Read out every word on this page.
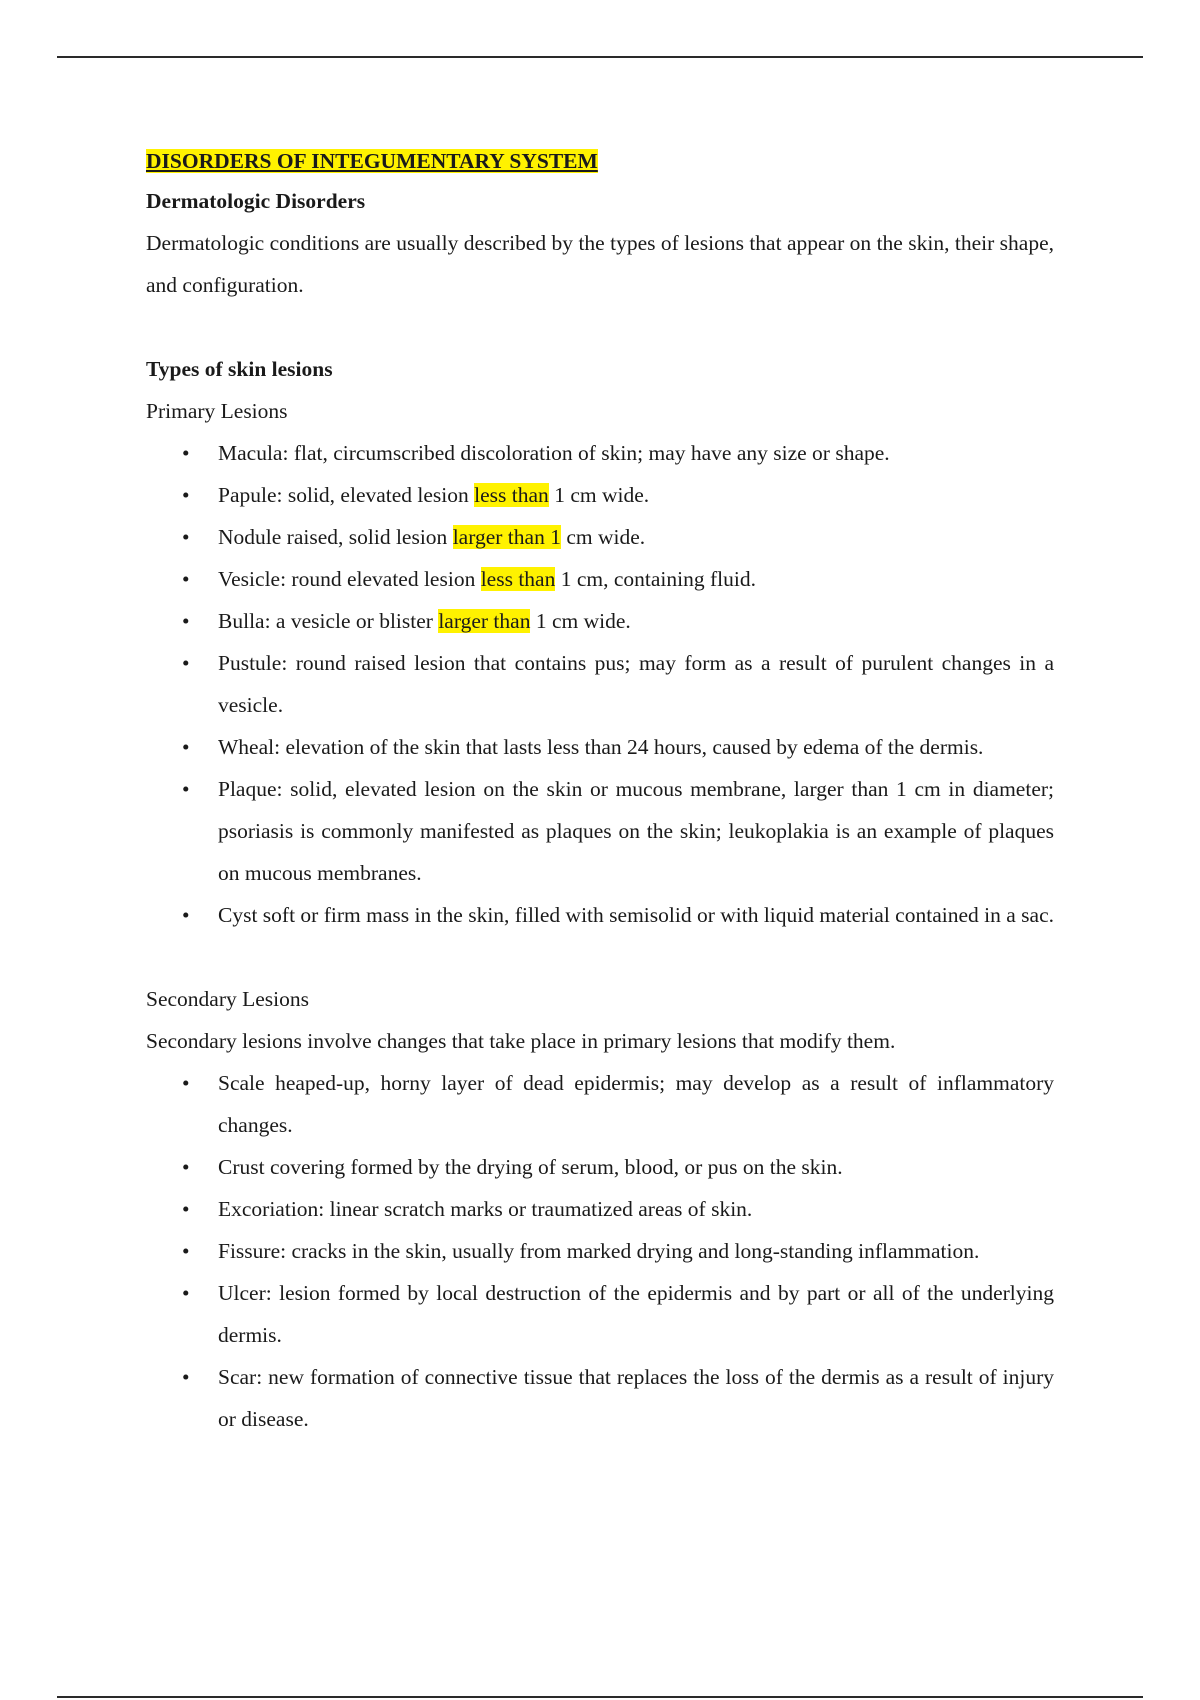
DISORDERS OF INTEGUMENTARY SYSTEM
Dermatologic Disorders

Dermatologic conditions are usually described by the types of lesions that appear on the skin, their shape, and configuration.

Types of skin lesions
Primary Lesions
• Macula: flat, circumscribed discoloration of skin; may have any size or shape.
• Papule: solid, elevated lesion less than 1 cm wide.
• Nodule raised, solid lesion larger than 1 cm wide.
• Vesicle: round elevated lesion less than 1 cm, containing fluid.
• Bulla: a vesicle or blister larger than 1 cm wide.
• Pustule: round raised lesion that contains pus; may form as a result of purulent changes in a vesicle.
• Wheal: elevation of the skin that lasts less than 24 hours, caused by edema of the dermis.
• Plaque: solid, elevated lesion on the skin or mucous membrane, larger than 1 cm in diameter; psoriasis is commonly manifested as plaques on the skin; leukoplakia is an example of plaques on mucous membranes.
• Cyst soft or firm mass in the skin, filled with semisolid or with liquid material contained in a sac.
Secondary Lesions

Secondary lesions involve changes that take place in primary lesions that modify them.

• Scale heaped-up, horny layer of dead epidermis; may develop as a result of inflammatory changes.
• Crust covering formed by the drying of serum, blood, or pus on the skin.
• Excoriation: linear scratch marks or traumatized areas of skin.
• Fissure: cracks in the skin, usually from marked drying and long-standing inflammation.
• Ulcer: lesion formed by local destruction of the epidermis and by part or all of the underlying dermis.
• Scar: new formation of connective tissue that replaces the loss of the dermis as a result of injury or disease.
